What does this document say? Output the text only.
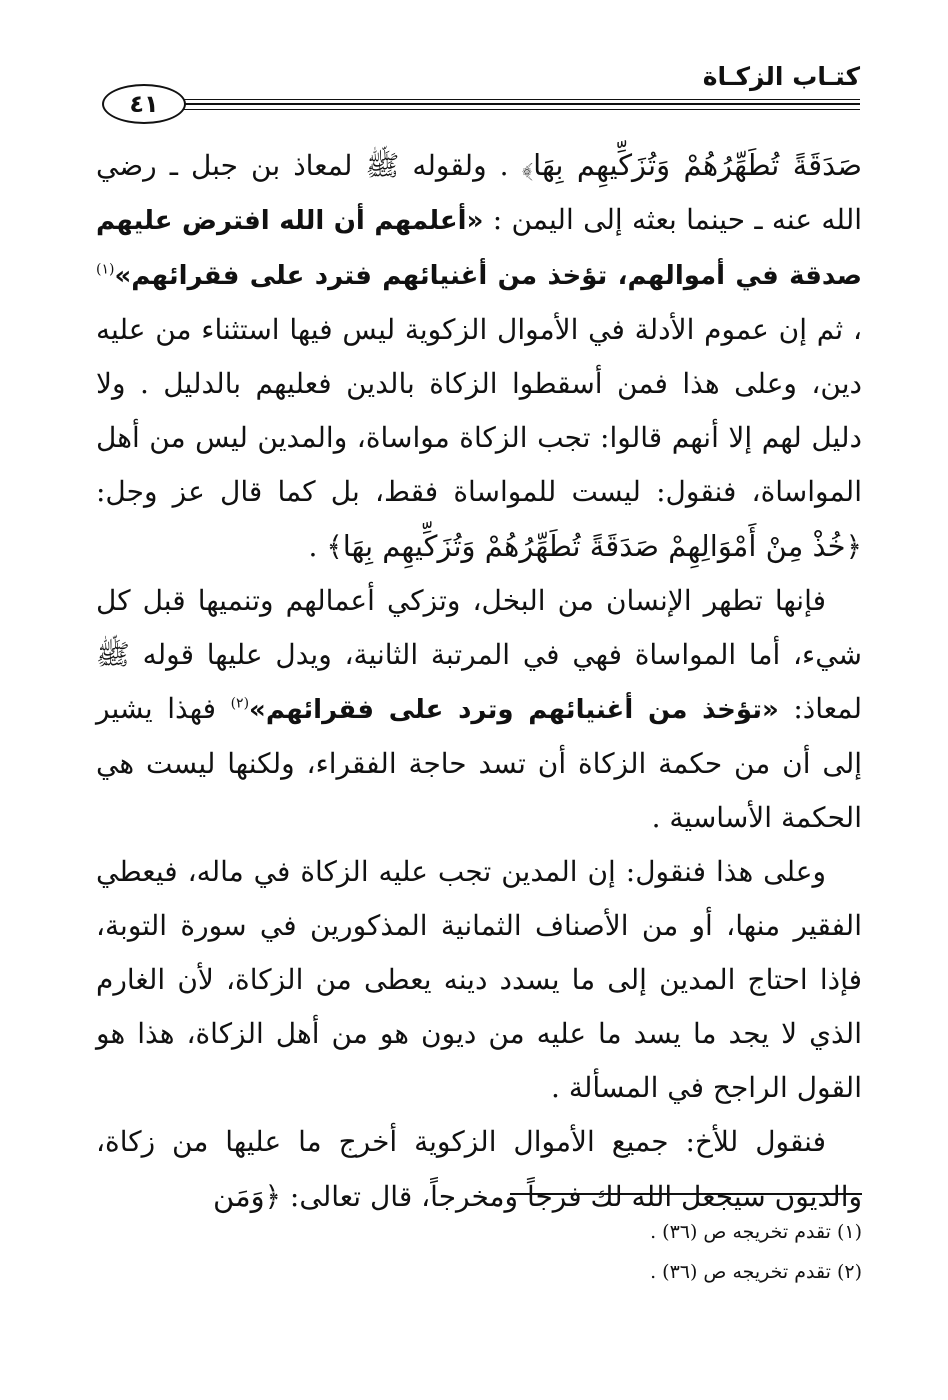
كتـاب الزكـاة
٤١

صَدَقَةً تُطَهِّرُهُمْ وَتُزَكِّيهِم بِهَا﴾ . ولقوله ﷺ لمعاذ بن جبل ـ رضي الله عنه ـ حينما بعثه إلى اليمن : «أعلمهم أن الله افترض عليهم صدقة في أموالهم، تؤخذ من أغنيائهم فترد على فقرائهم»$^{(١)}$ ، ثم إن عموم الأدلة في الأموال الزكوية ليس فيها استثناء من عليه دين، وعلى هذا فمن أسقطوا الزكاة بالدين فعليهم بالدليل . ولا دليل لهم إلا أنهم قالوا: تجب الزكاة مواساة، والمدين ليس من أهل المواساة، فنقول: ليست للمواساة فقط، بل كما قال عز وجل: ﴿خُذْ مِنْ أَمْوَالِهِمْ صَدَقَةً تُطَهِّرُهُمْ وَتُزَكِّيهِم بِهَا﴾ .

فإنها تطهر الإنسان من البخل، وتزكي أعمالهم وتنميها قبل كل شيء، أما المواساة فهي في المرتبة الثانية، ويدل عليها قوله ﷺ لمعاذ: «تؤخذ من أغنيائهم وترد على فقرائهم»$^{(٢)}$ فهذا يشير إلى أن من حكمة الزكاة أن تسد حاجة الفقراء، ولكنها ليست هي الحكمة الأساسية .

وعلى هذا فنقول: إن المدين تجب عليه الزكاة في ماله، فيعطي الفقير منها، أو من الأصناف الثمانية المذكورين في سورة التوبة، فإذا احتاج المدين إلى ما يسدد دينه يعطى من الزكاة، لأن الغارم الذي لا يجد ما يسد ما عليه من ديون هو من أهل الزكاة، هذا هو القول الراجح في المسألة .

فنقول للأخ: جميع الأموال الزكوية أخرج ما عليها من زكاة، والديون سيجعل الله لك فرجاً ومخرجاً، قال تعالى: ﴿وَمَن

(١) تقدم تخريجه ص (٣٦) .

(٢) تقدم تخريجه ص (٣٦) .
